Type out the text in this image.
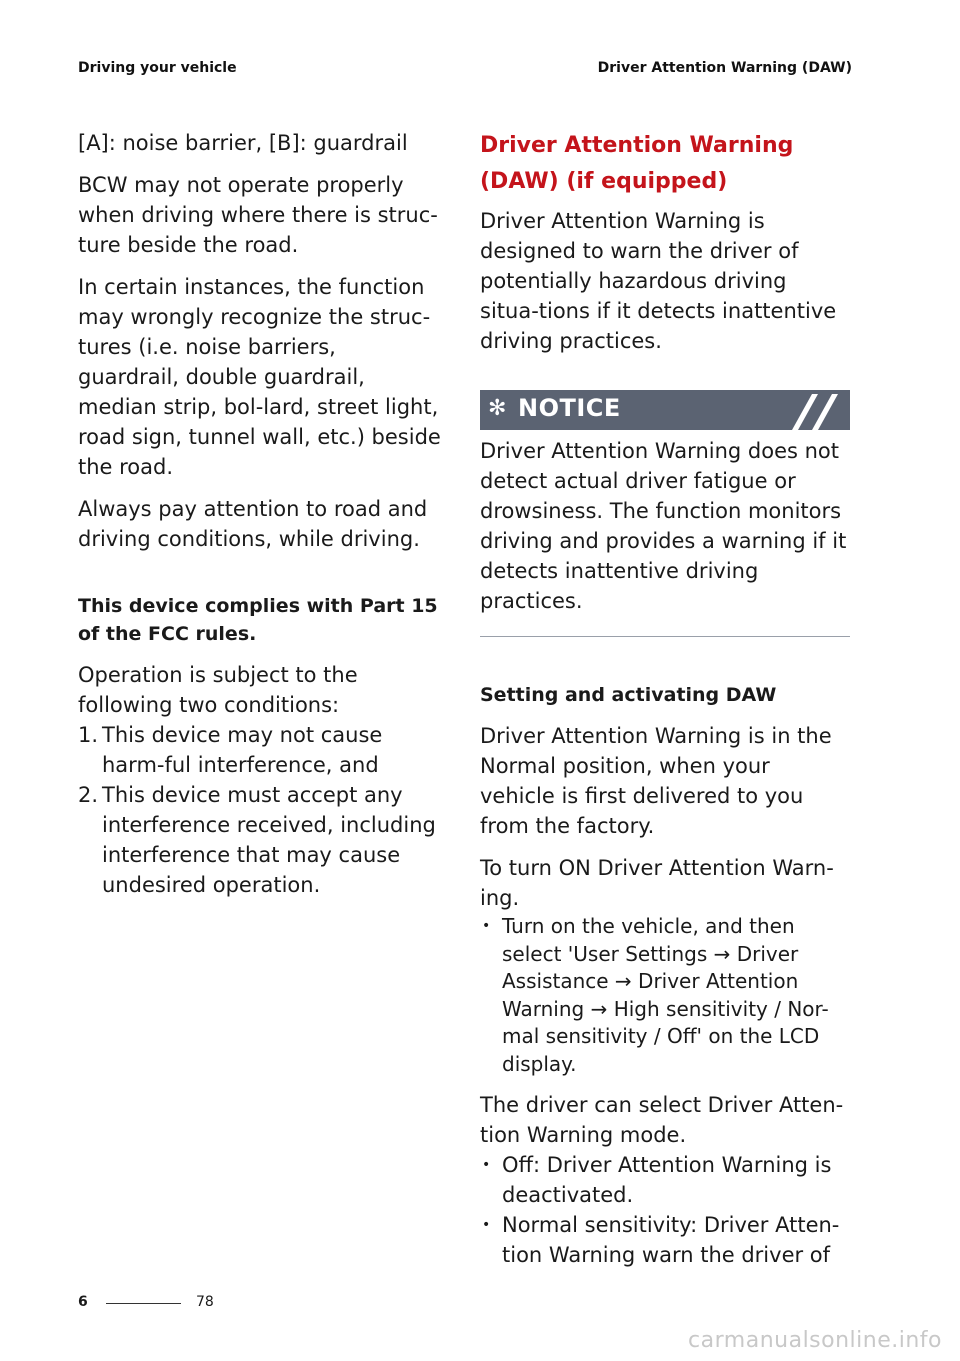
Driving your vehicle	Driver Attention Warning (DAW)

[A]: noise barrier, [B]: guardrail

BCW may not operate properly when driving where there is struc-ture beside the road.

In certain instances, the function may wrongly recognize the struc-tures (i.e. noise barriers, guardrail, double guardrail, median strip, bol-lard, street light, road sign, tunnel wall, etc.) beside the road.

Always pay attention to road and driving conditions, while driving.

This device complies with Part 15 of the FCC rules.

Operation is subject to the following two conditions:

1. This device may not cause harm-ful interference, and
2. This device must accept any interference received, including interference that may cause undesired operation.
Driver Attention Warning (DAW) (if equipped)

Driver Attention Warning is designed to warn the driver of potentially hazardous driving situa-tions if it detects inattentive driving practices.

✻ NOTICE

Driver Attention Warning does not detect actual driver fatigue or drowsiness. The function monitors driving and provides a warning if it detects inattentive driving practices.

Setting and activating DAW

Driver Attention Warning is in the Normal position, when your vehicle is first delivered to you from the factory.

To turn ON Driver Attention Warn-ing.

• Turn on the vehicle, and then select 'User Settings → Driver Assistance → Driver Attention Warning → High sensitivity / Nor-mal sensitivity / Off' on the LCD display.

The driver can select Driver Atten-tion Warning mode.

• Off: Driver Attention Warning is deactivated.
• Normal sensitivity: Driver Atten-tion Warning warn the driver of
6	78
carmanualsonline.info
